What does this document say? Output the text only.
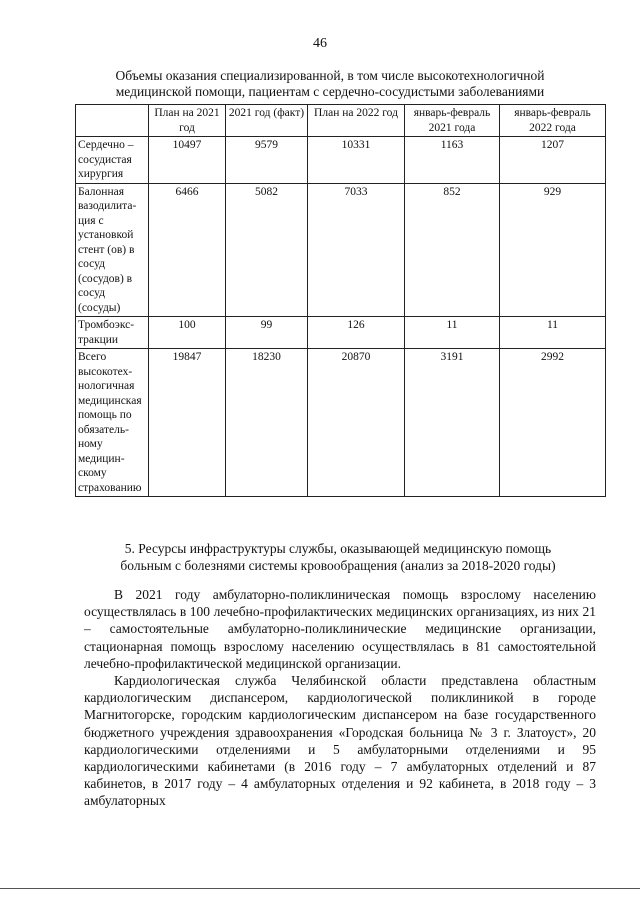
46
Объемы оказания специализированной, в том числе высокотехнологичной
медицинской помощи, пациентам с сердечно-сосудистыми заболеваниями
	План на 2021 год	2021 год (факт)	План на 2022 год	январь-февраль 2021 года	январь-февраль 2022 года
Сердечно – сосудистая хирургия	10497	9579	10331	1163	1207
Балонная вазодилита-ция с установкой стент (ов) в сосуд (сосудов) в сосуд (сосуды)	6466	5082	7033	852	929
Тромбоэкс-тракции	100	99	126	11	11
Всего высокотех-нологичная медицинская помощь по обязатель-ному медицин-скому страхованию	19847	18230	20870	3191	2992
5. Ресурсы инфраструктуры службы, оказывающей медицинскую помощь
больным с болезнями системы кровообращения (анализ за 2018-2020 годы)

В 2021 году амбулаторно-поликлиническая помощь взрослому населению осуществлялась в 100 лечебно-профилактических медицинских организациях, из них 21 – самостоятельные амбулаторно-поликлинические медицинские организации, стационарная помощь взрослому населению осуществлялась в 81 самостоятельной лечебно-профилактической медицинской организации.

Кардиологическая служба Челябинской области представлена областным кардиологическим диспансером, кардиологической поликлиникой в городе Магнитогорске, городским кардиологическим диспансером на базе государственного бюджетного учреждения здравоохранения «Городская больница № 3 г. Златоуст», 20 кардиологическими отделениями и 5 амбулаторными отделениями и 95 кардиологическими кабинетами (в 2016 году – 7 амбулаторных отделений и 87 кабинетов, в 2017 году – 4 амбулаторных отделения и 92 кабинета, в 2018 году – 3 амбулаторных
